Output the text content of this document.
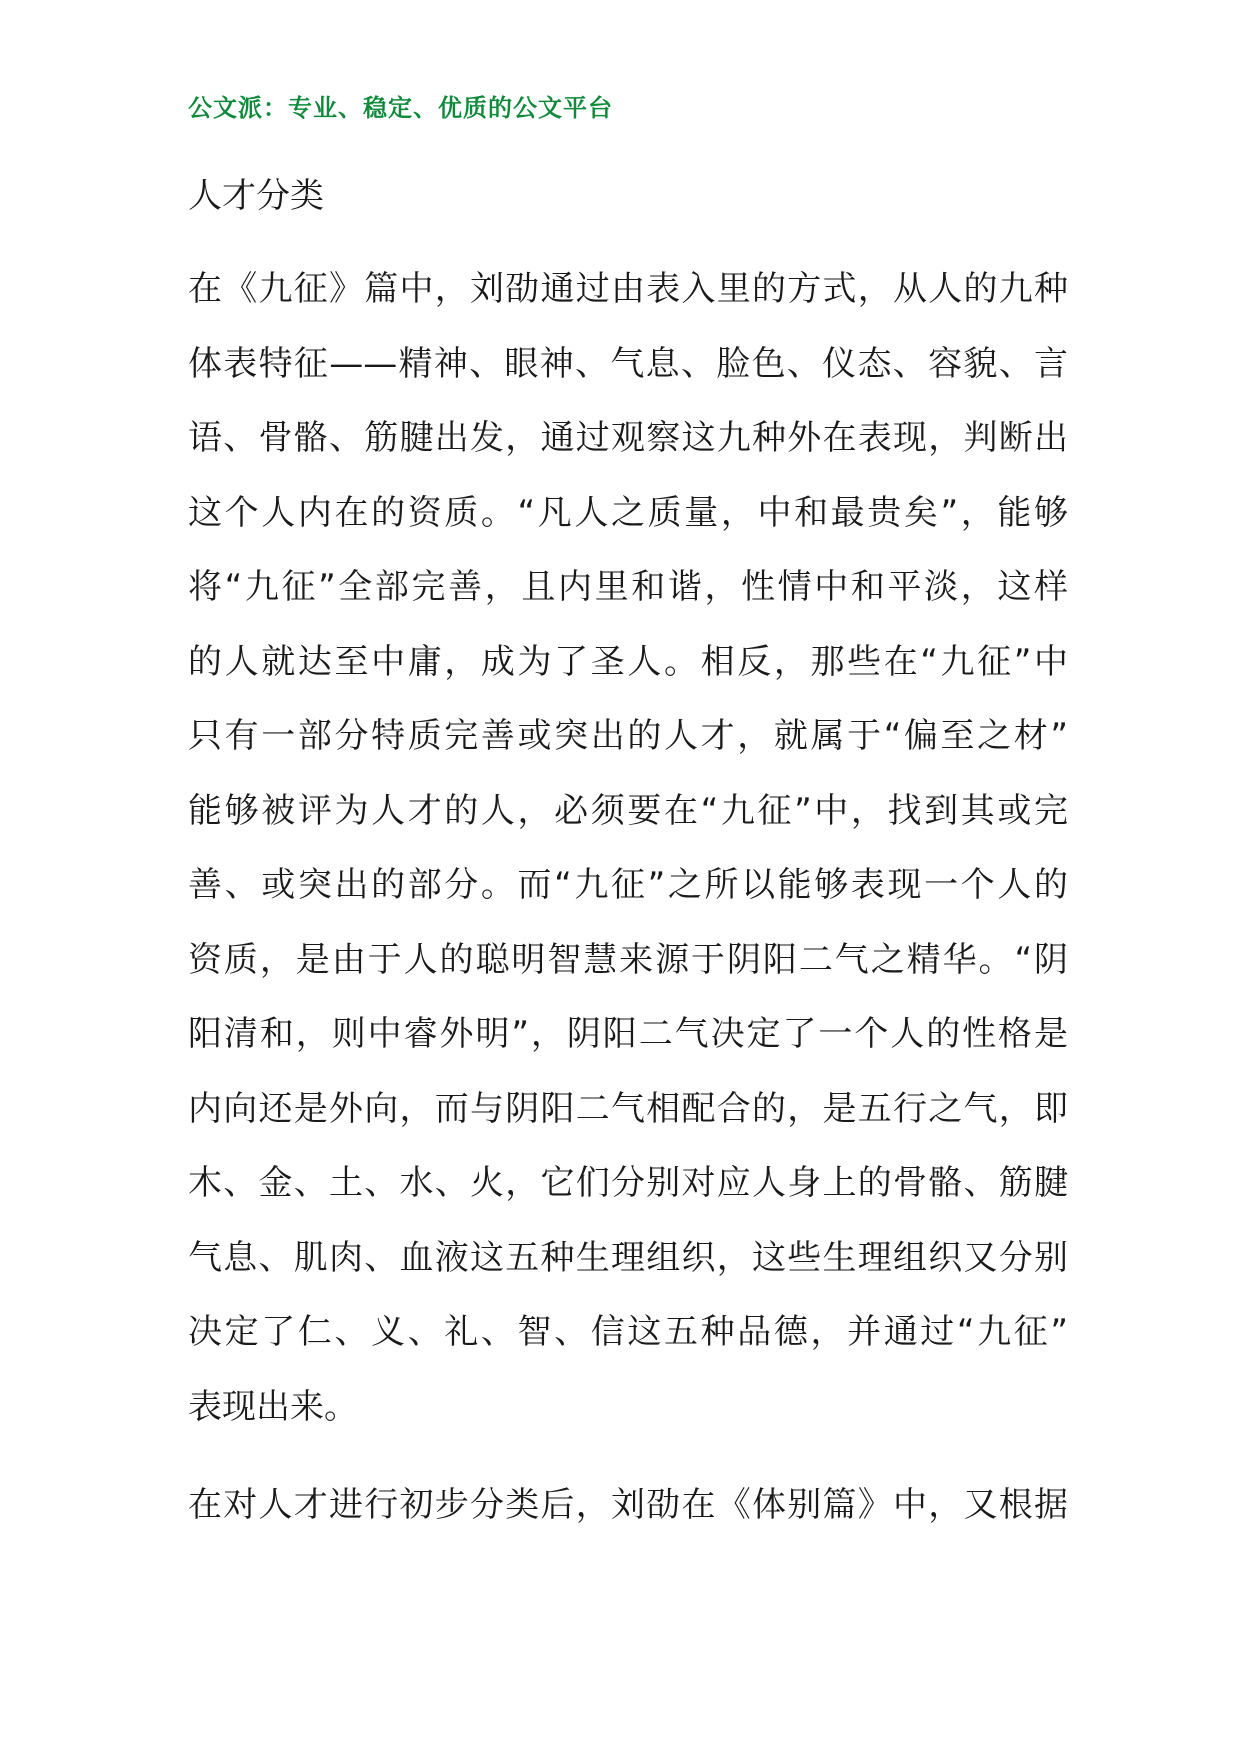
公文派：专业、稳定、优质的公文平台
人才分类
在《九征》篇中，刘劭通过由表入里的方式，从人的九种
体表特征——精神、眼神、气息、脸色、仪态、容貌、言
语、骨骼、筋腱出发，通过观察这九种外在表现，判断出
这个人内在的资质。“凡人之质量，中和最贵矣”，能够
将“九征”全部完善，且内里和谐，性情中和平淡，这样
的人就达至中庸，成为了圣人。相反，那些在“九征”中
只有一部分特质完善或突出的人才，就属于“偏至之材”
能够被评为人才的人，必须要在“九征”中，找到其或完
善、或突出的部分。而“九征”之所以能够表现一个人的
资质，是由于人的聪明智慧来源于阴阳二气之精华。“阴
阳清和，则中睿外明”，阴阳二气决定了一个人的性格是
内向还是外向，而与阴阳二气相配合的，是五行之气，即
木、金、土、水、火，它们分别对应人身上的骨骼、筋腱
气息、肌肉、血液这五种生理组织，这些生理组织又分别
决定了仁、义、礼、智、信这五种品德，并通过“九征”
表现出来。
在对人才进行初步分类后，刘劭在《体别篇》中，又根据
